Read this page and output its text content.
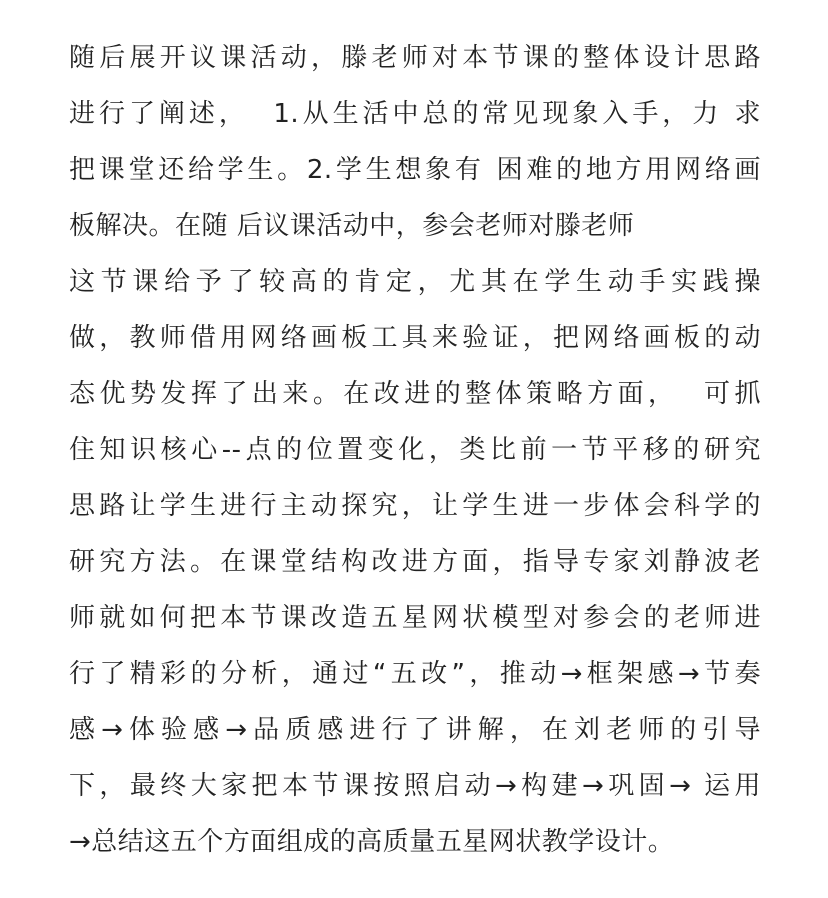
随后展开议课活动，滕老师对本节课的整体设计思路
进行了阐述，  1.从生活中总的常见现象入手，力 求
把课堂还给学生。2.学生想象有 困难的地方用网络画
板解决。在随 后议课活动中，参会老师对滕老师
这节课给予了较高的肯定，尤其在学生动手实践操
做，教师借用网络画板工具来验证，把网络画板的动
态优势发挥了出来。在改进的整体策略方面，  可抓
住知识核心--点的位置变化，类比前一节平移的研究
思路让学生进行主动探究，让学生进一步体会科学的
研究方法。在课堂结构改进方面，指导专家刘静波老
师就如何把本节课改造五星网状模型对参会的老师进
行了精彩的分析，通过“五改”，推动→框架感→节奏
感→体验感→品质感进行了讲解，在刘老师的引导
下，最终大家把本节课按照启动→构建→巩固→ 运用
→总结这五个方面组成的高质量五星网状教学设计。
